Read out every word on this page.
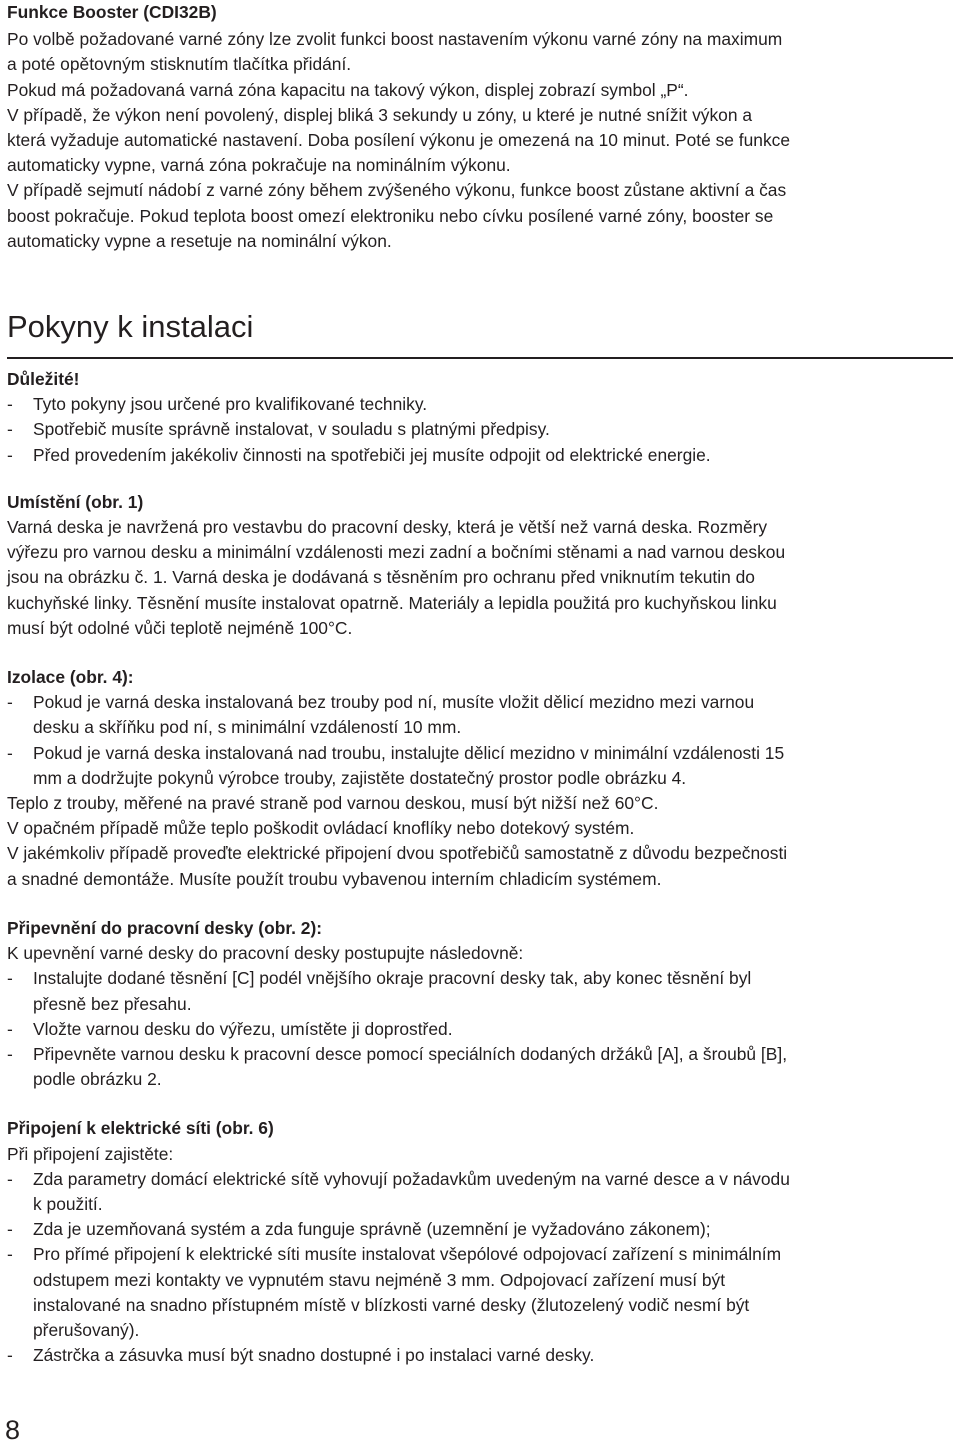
Funkce Booster (CDI32B)

Po volbě požadované varné zóny lze zvolit funkci boost nastavením výkonu varné zóny na maximum
a poté opětovným stisknutím tlačítka přidání.
Pokud má požadovaná varná zóna kapacitu na takový výkon, displej zobrazí symbol „P“.
V případě, že výkon není povolený, displej bliká 3 sekundy u zóny, u které je nutné snížit výkon a
která vyžaduje automatické nastavení. Doba posílení výkonu je omezená na 10 minut. Poté se funkce
automaticky vypne, varná zóna pokračuje na nominálním výkonu.
V případě sejmutí nádobí z varné zóny během zvýšeného výkonu, funkce boost zůstane aktivní a čas
boost pokračuje. Pokud teplota boost omezí elektroniku nebo cívku posílené varné zóny, booster se
automaticky vypne a resetuje na nominální výkon.
Pokyny k instalaci
Důležité!
- Tyto pokyny jsou určené pro kvalifikované techniky.
- Spotřebič musíte správně instalovat, v souladu s platnými předpisy.
- Před provedením jakékoliv činnosti na spotřebiči jej musíte odpojit od elektrické energie.
Umístění (obr. 1)
Varná deska je navržená pro vestavbu do pracovní desky, která je větší než varná deska. Rozměry
výřezu pro varnou desku a minimální vzdálenosti mezi zadní a bočními stěnami a nad varnou deskou
jsou na obrázku č. 1. Varná deska je dodávaná s těsněním pro ochranu před vniknutím tekutin do
kuchyňské linky. Těsnění musíte instalovat opatrně. Materiály a lepidla použitá pro kuchyňskou linku
musí být odolné vůči teplotě nejméně 100°C.
Izolace (obr. 4):
- Pokud je varná deska instalovaná bez trouby pod ní, musíte vložit dělicí mezidno mezi varnou
desku a skříňku pod ní, s minimální vzdáleností 10 mm.
- Pokud je varná deska instalovaná nad troubu, instalujte dělicí mezidno v minimální vzdálenosti 15
mm a dodržujte pokynů výrobce trouby, zajistěte dostatečný prostor podle obrázku 4.
Teplo z trouby, měřené na pravé straně pod varnou deskou, musí být nižší než 60°C.
V opačném případě může teplo poškodit ovládací knoflíky nebo dotekový systém.
V jakémkoliv případě proveďte elektrické připojení dvou spotřebičů samostatně z důvodu bezpečnosti
a snadné demontáže. Musíte použít troubu vybavenou interním chladicím systémem.
Připevnění do pracovní desky (obr. 2):
K upevnění varné desky do pracovní desky postupujte následovně:
- Instalujte dodané těsnění [C] podél vnějšího okraje pracovní desky tak, aby konec těsnění byl
přesně bez přesahu.
- Vložte varnou desku do výřezu, umístěte ji doprostřed.
- Připevněte varnou desku k pracovní desce pomocí speciálních dodaných držáků [A], a šroubů [B],
podle obrázku 2.
Připojení k elektrické síti (obr. 6)
Při připojení zajistěte:
- Zda parametry domácí elektrické sítě vyhovují požadavkům uvedeným na varné desce a v návodu
k použití.
- Zda je uzemňovaná systém a zda funguje správně (uzemnění je vyžadováno zákonem);
- Pro přímé připojení k elektrické síti musíte instalovat všepólové odpojovací zařízení s minimálním
odstupem mezi kontakty ve vypnutém stavu nejméně 3 mm. Odpojovací zařízení musí být
instalované na snadno přístupném místě v blízkosti varné desky (žlutozelený vodič nesmí být
přerušovaný).
- Zástrčka a zásuvka musí být snadno dostupné i po instalaci varné desky.
8
